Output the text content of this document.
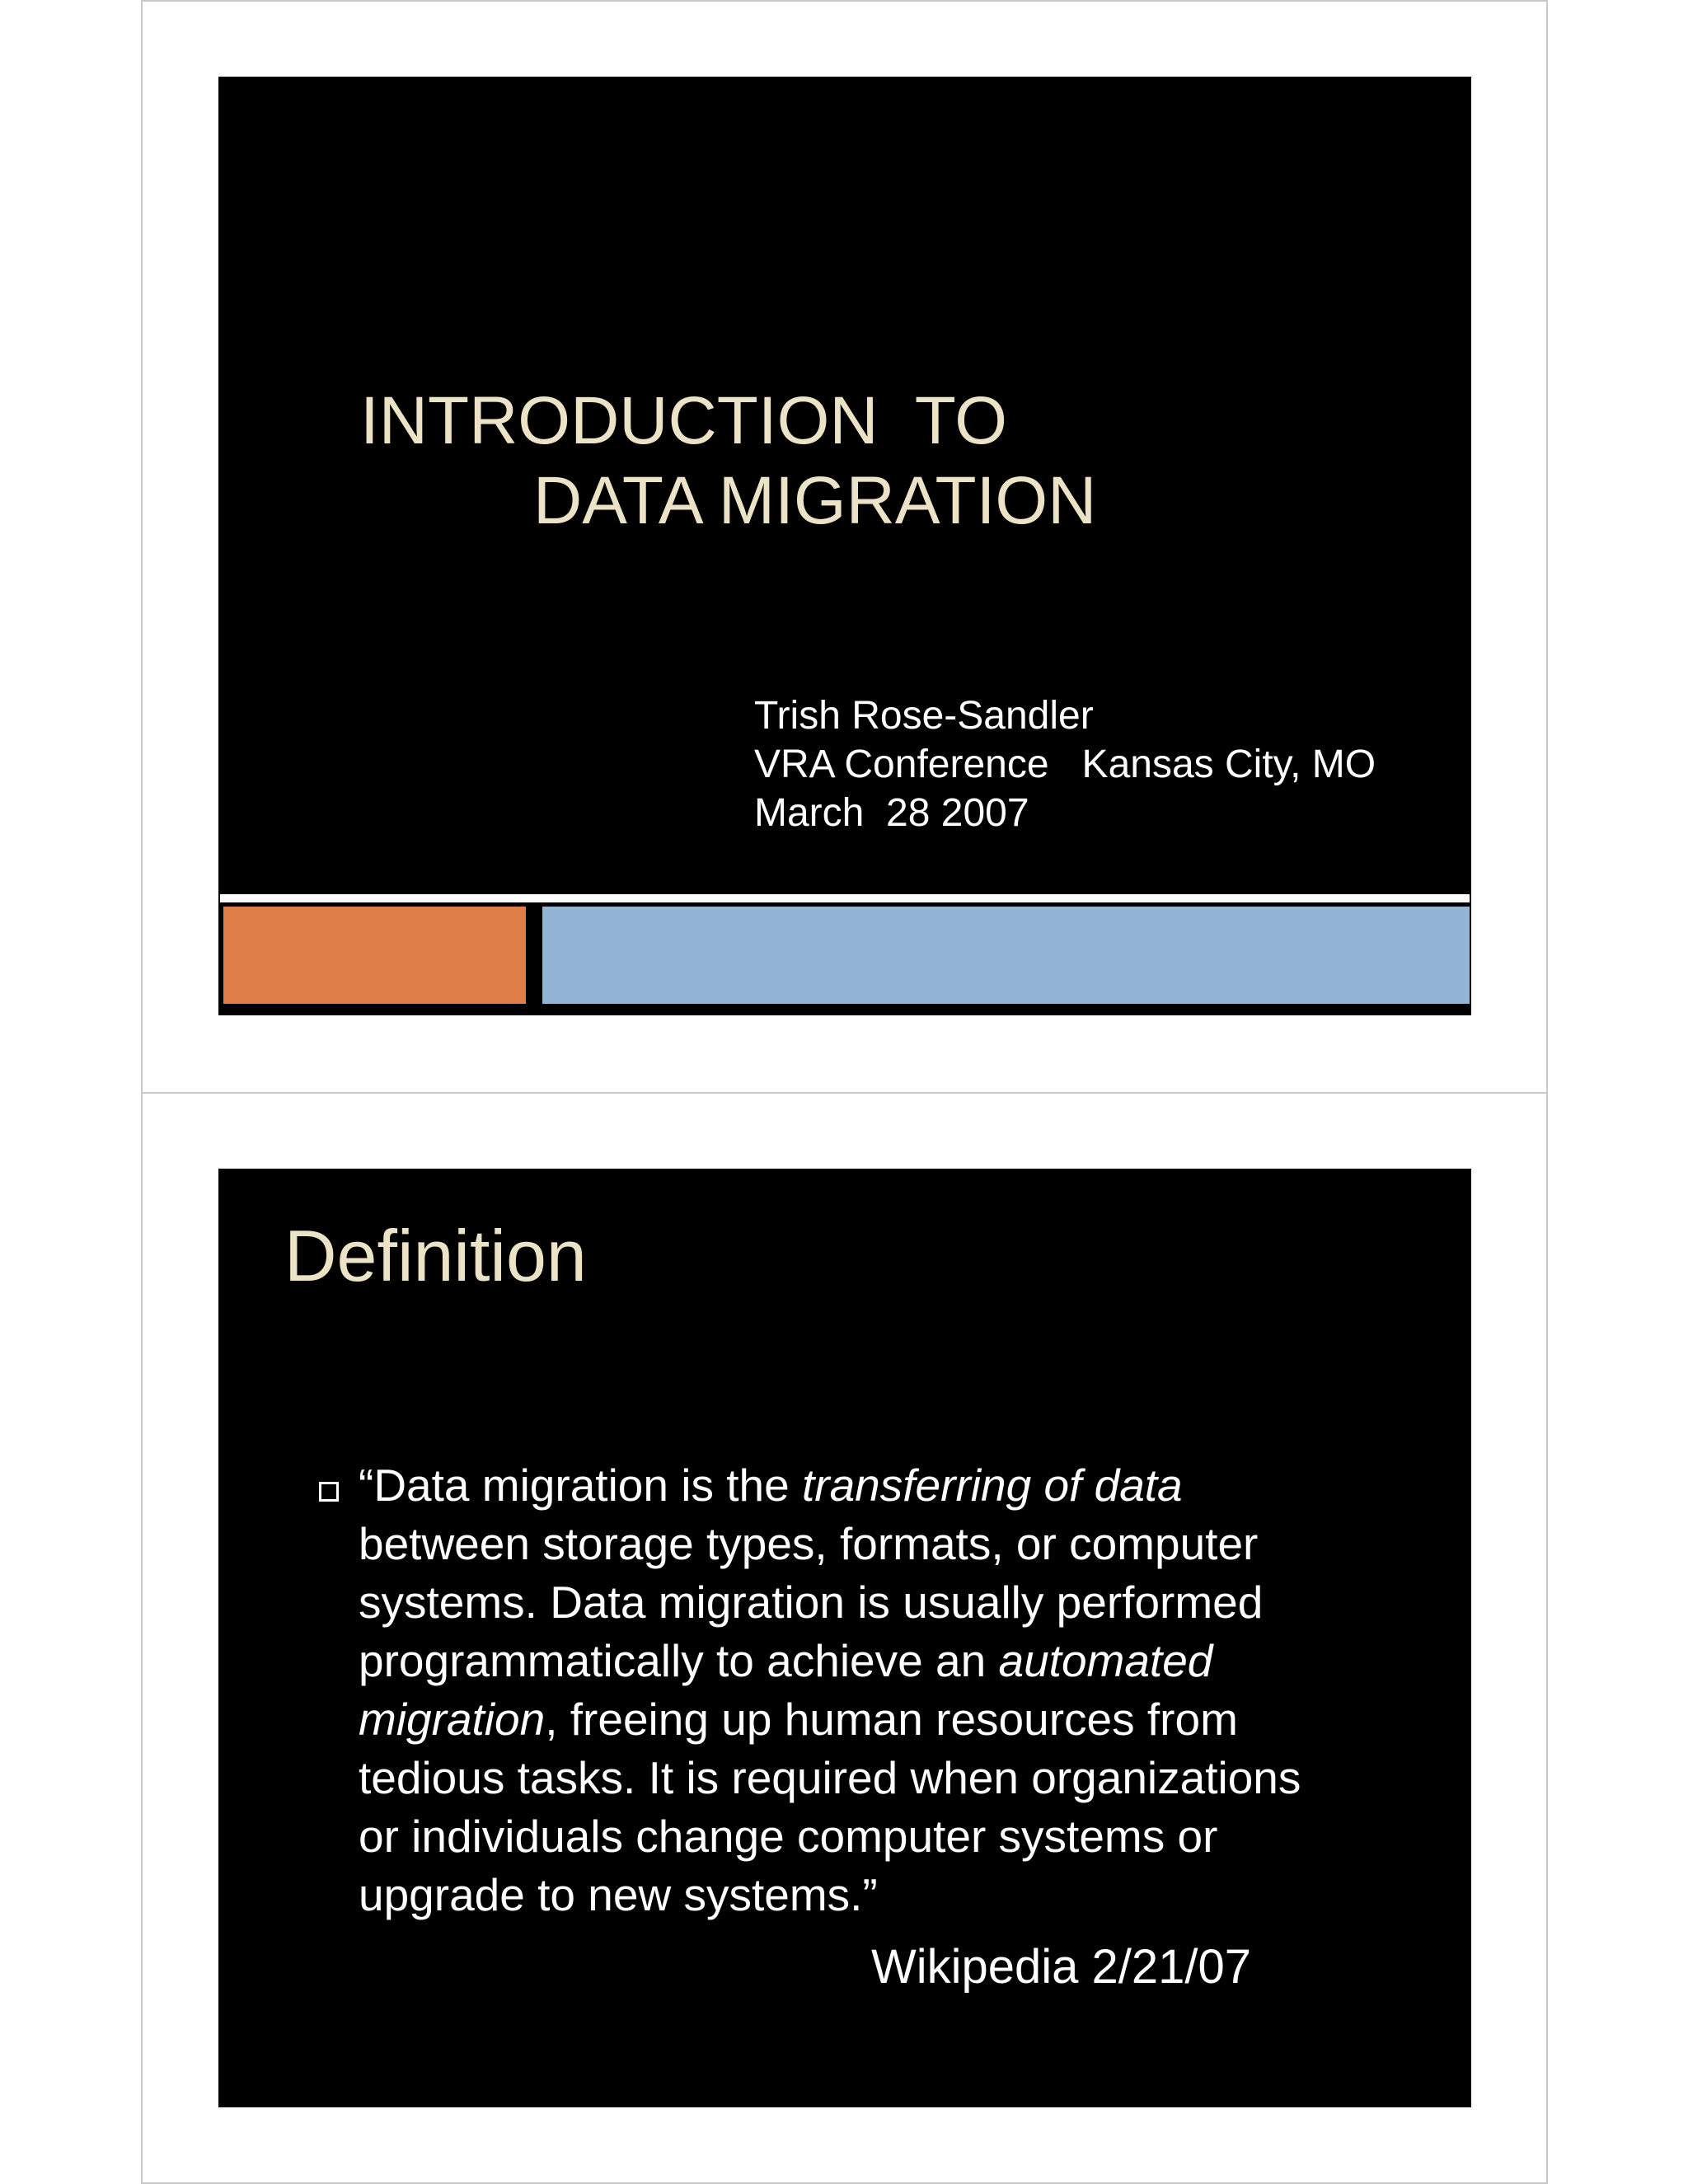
INTRODUCTION  TO
DATA MIGRATION
Trish Rose-Sandler
VRA Conference   Kansas City, MO
March  28 2007
Definition
“Data migration is the transferring of data
between storage types, formats, or computer
systems. Data migration is usually performed
programmatically to achieve an automated
migration, freeing up human resources from
tedious tasks. It is required when organizations
or individuals change computer systems or
upgrade to new systems.”
Wikipedia 2/21/07
